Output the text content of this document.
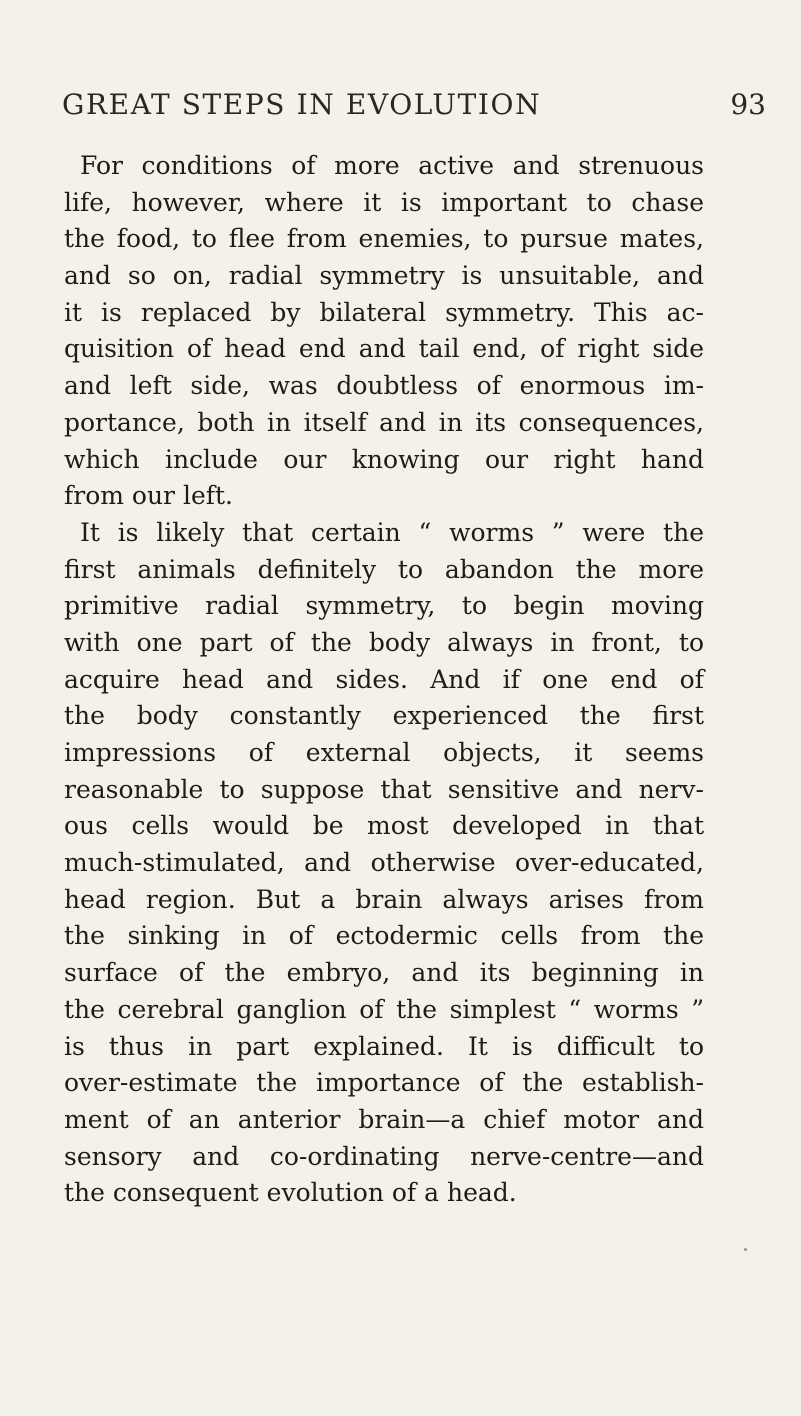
GREAT STEPS IN EVOLUTION	93
For conditions of more active and strenuous
life, however, where it is important to chase
the food, to flee from enemies, to pursue mates,
and so on, radial symmetry is unsuitable, and
it is replaced by bilateral symmetry. This ac-
quisition of head end and tail end, of right side
and left side, was doubtless of enormous im-
portance, both in itself and in its consequences,
which include our knowing our right hand
from our left.
It is likely that certain “ worms ” were the
first animals definitely to abandon the more
primitive radial symmetry, to begin moving
with one part of the body always in front, to
acquire head and sides. And if one end of
the body constantly experienced the first
impressions of external objects, it seems
reasonable to suppose that sensitive and nerv-
ous cells would be most developed in that
much-stimulated, and otherwise over-educated,
head region. But a brain always arises from
the sinking in of ectodermic cells from the
surface of the embryo, and its beginning in
the cerebral ganglion of the simplest “ worms ”
is thus in part explained. It is difficult to
over-estimate the importance of the establish-
ment of an anterior brain—a chief motor and
sensory and co-ordinating nerve-centre—and
the consequent evolution of a head.
